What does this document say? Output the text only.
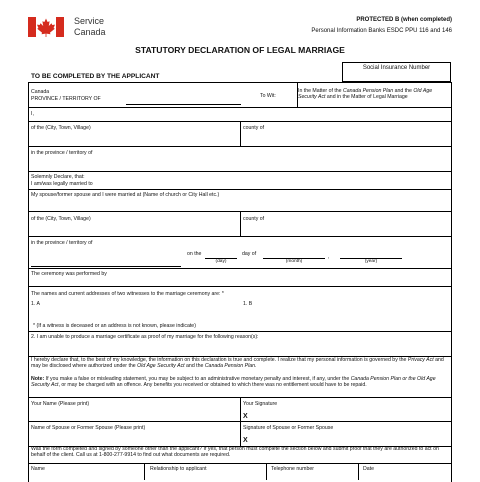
Service
Canada
PROTECTED B (when completed)
Personal Information Banks ESDC PPU 116 and 146
STATUTORY DECLARATION OF LEGAL MARRIAGE
Social Insurance Number
TO BE COMPLETED BY THE APPLICANT
Canada
PROVINCE / TERRITORY OF	To Wit:
In the Matter of the Canada Pension Plan and the Old Age Security Act and in the Matter of Legal Marriage
I,
of the (City, Town, Village)	county of
in the province / territory of
Solemnly Declare, that:
I am/was legally married to
My spouse/former spouse and I were married at (Name of church or City Hall etc.)
of the (City, Town, Village)	county of
in the province / territory of
on the
(day)
day of
(month)
,
(year)
The ceremony was performed by
The names and current addresses of two witnesses to the marriage ceremony are: *
1. A	1. B
* (If a witness is deceased or an address is not known, please indicate)
2. I am unable to produce a marriage certificate as proof of my marriage for the following reason(s):
I hereby declare that, to the best of my knowledge, the information on this declaration is true and complete. I realize that my personal information is governed by the Privacy Act and may be disclosed where authorized under the Old Age Security Act and the Canada Pension Plan.
Note: If you make a false or misleading statement, you may be subject to an administrative monetary penalty and interest, if any, under the Canada Pension Plan or the Old Age Security Act, or may be charged with an offence. Any benefits you received or obtained to which there was no entitlement would have to be repaid.
Your Name (Please print)	Your Signature
X
Name of Spouse or Former Spouse (Please print)	Signature of Spouse or Former Spouse
X
Was the form completed and signed by someone other than the applicant? If yes, that person must complete the section below and submit proof that they are authorized to act on behalf of the client. Call us at 1-800-277-9914 to find out what documents are required.
Name	Relationship to applicant	Telephone number	Date
